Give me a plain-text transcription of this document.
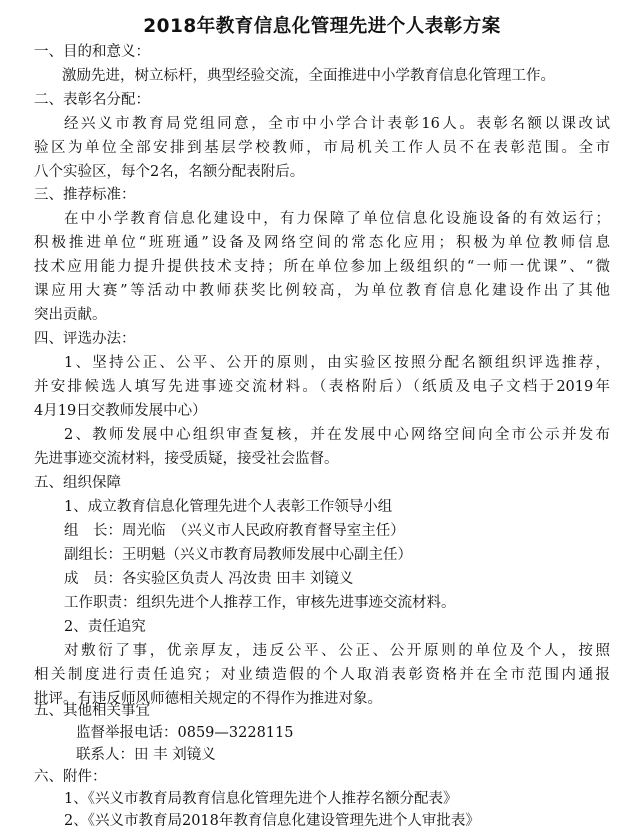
2018年教育信息化管理先进个人表彰方案
一、目的和意义：
激励先进，树立标杆，典型经验交流，全面推进中小学教育信息化管理工作。
二、表彰名分配：
经兴义市教育局党组同意，全市中小学合计表彰16人。表彰名额以课改试
验区为单位全部安排到基层学校教师，市局机关工作人员不在表彰范围。全市
八个实验区，每个2名，名额分配表附后。
三、推荐标准：
在中小学教育信息化建设中，有力保障了单位信息化设施设备的有效运行；
积极推进单位“班班通”设备及网络空间的常态化应用；积极为单位教师信息
技术应用能力提升提供技术支持；所在单位参加上级组织的“一师一优课”、“微
课应用大赛”等活动中教师获奖比例较高，为单位教育信息化建设作出了其他
突出贡献。
四、评选办法：
1、坚持公正、公平、公开的原则，由实验区按照分配名额组织评选推荐，
并安排候选人填写先进事迹交流材料。（表格附后）（纸质及电子文档于2019年
4月19日交教师发展中心）
2、教师发展中心组织审查复核，并在发展中心网络空间向全市公示并发布
先进事迹交流材料，接受质疑，接受社会监督。
五、组织保障
1、成立教育信息化管理先进个人表彰工作领导小组
组　长：周光临　（兴义市人民政府教育督导室主任）
副组长：王明魁（兴义市教育局教师发展中心副主任）
成　员：各实验区负责人 冯汝贵 田丰 刘镜义
工作职责：组织先进个人推荐工作，审核先进事迹交流材料。
2、责任追究
对敷衍了事，优亲厚友，违反公平、公正、公开原则的单位及个人，按照
相关制度进行责任追究；对业绩造假的个人取消表彰资格并在全市范围内通报
批评。有违反师风师德相关规定的不得作为推进对象。
五、其他相关事宜
监督举报电话：0859—3228115
联系人：田 丰 刘镜义
六、附件：
1、《兴义市教育局教育信息化管理先进个人推荐名额分配表》
2、《兴义市教育局2018年教育信息化建设管理先进个人审批表》
